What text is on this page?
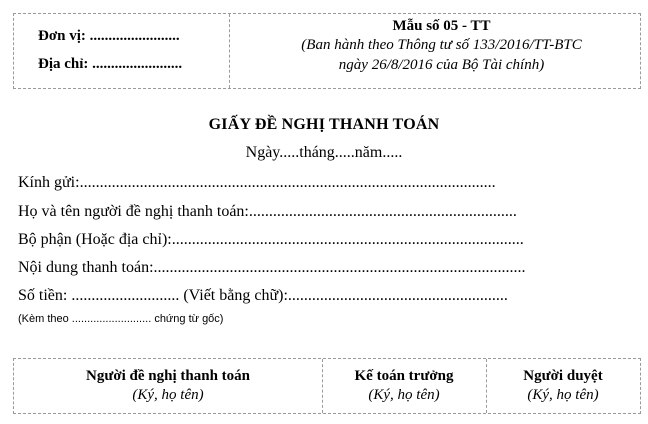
Đơn vị: ........................
Địa chỉ: ........................
Mẫu số 05 - TT
(Ban hành theo Thông tư số 133/2016/TT-BTC
ngày 26/8/2016 của Bộ Tài chính)
GIẤY ĐỀ NGHỊ THANH TOÁN
Ngày.....tháng.....năm.....
Kính gửi:........................................................................................................
Họ và tên người đề nghị thanh toán:...................................................................
Bộ phận (Hoặc địa chỉ):........................................................................................
Nội dung thanh toán:.............................................................................................
Số tiền: ........................... (Viết bằng chữ):.......................................................
(Kèm theo .......................... chứng từ gốc)
Người đề nghị thanh toán
(Ký, họ tên)
Kế toán trưởng
(Ký, họ tên)
Người duyệt
(Ký, họ tên)
